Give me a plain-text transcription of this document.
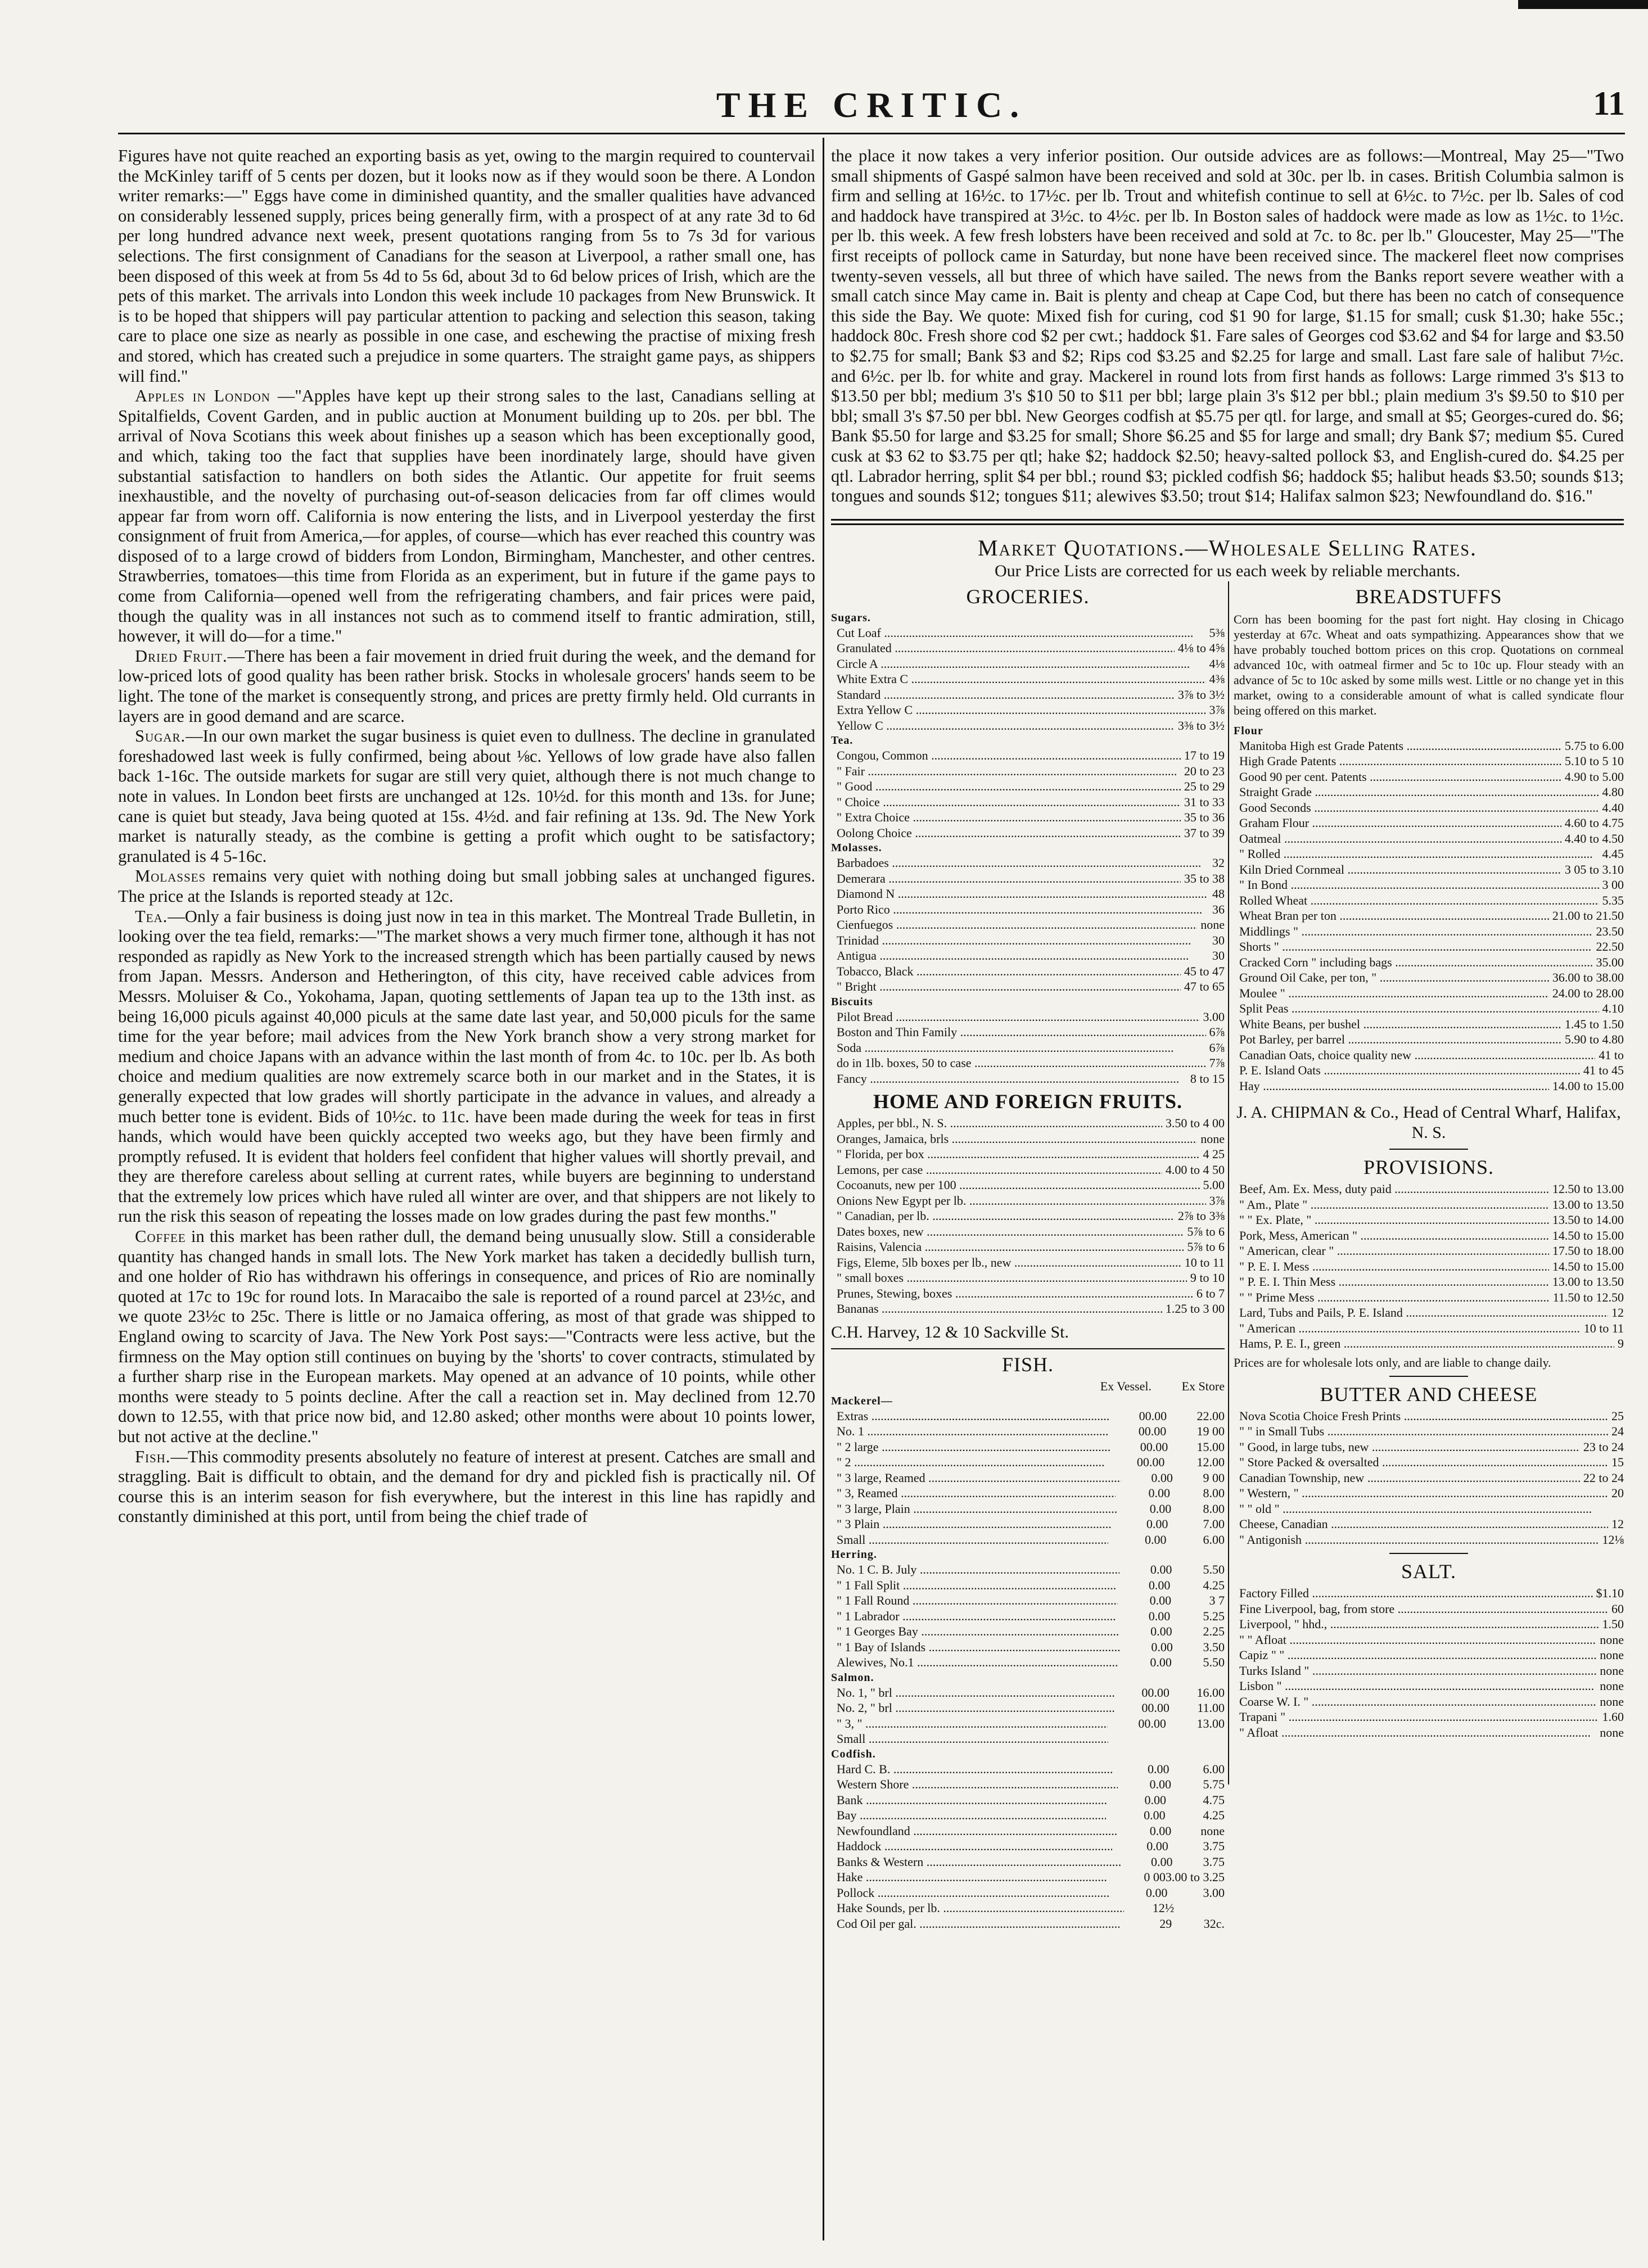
THE CRITIC.	11

Figures have not quite reached an exporting basis as yet, owing to the margin required to countervail the McKinley tariff of 5 cents per dozen, but it looks now as if they would soon be there. A London writer remarks:—" Eggs have come in diminished quantity, and the smaller qualities have advanced on considerably lessened supply, prices being generally firm, with a prospect of at any rate 3d to 6d per long hundred advance next week, present quotations ranging from 5s to 7s 3d for various selections. The first consignment of Canadians for the season at Liverpool, a rather small one, has been disposed of this week at from 5s 4d to 5s 6d, about 3d to 6d below prices of Irish, which are the pets of this market. The arrivals into London this week include 10 packages from New Brunswick. It is to be hoped that shippers will pay particular attention to packing and selection this season, taking care to place one size as nearly as possible in one case, and eschewing the practise of mixing fresh and stored, which has created such a prejudice in some quarters. The straight game pays, as shippers will find."

Apples in London —"Apples have kept up their strong sales to the last, Canadians selling at Spitalfields, Covent Garden, and in public auction at Monument building up to 20s. per bbl. The arrival of Nova Scotians this week about finishes up a season which has been exceptionally good, and which, taking too the fact that supplies have been inordinately large, should have given substantial satisfaction to handlers on both sides the Atlantic. Our appetite for fruit seems inexhaustible, and the novelty of purchasing out-of-season delicacies from far off climes would appear far from worn off. California is now entering the lists, and in Liverpool yesterday the first consignment of fruit from America,—for apples, of course—which has ever reached this country was disposed of to a large crowd of bidders from London, Birmingham, Manchester, and other centres. Strawberries, tomatoes—this time from Florida as an experiment, but in future if the game pays to come from California—opened well from the refrigerating chambers, and fair prices were paid, though the quality was in all instances not such as to commend itself to frantic admiration, still, however, it will do—for a time."

Dried Fruit.—There has been a fair movement in dried fruit during the week, and the demand for low-priced lots of good quality has been rather brisk. Stocks in wholesale grocers' hands seem to be light. The tone of the market is consequently strong, and prices are pretty firmly held. Old currants in layers are in good demand and are scarce.

Sugar.—In our own market the sugar business is quiet even to dullness. The decline in granulated foreshadowed last week is fully confirmed, being about ⅛c. Yellows of low grade have also fallen back 1-16c. The outside markets for sugar are still very quiet, although there is not much change to note in values. In London beet firsts are unchanged at 12s. 10½d. for this month and 13s. for June; cane is quiet but steady, Java being quoted at 15s. 4½d. and fair refining at 13s. 9d. The New York market is naturally steady, as the combine is getting a profit which ought to be satisfactory; granulated is 4 5-16c.

Molasses remains very quiet with nothing doing but small jobbing sales at unchanged figures. The price at the Islands is reported steady at 12c.

Tea.—Only a fair business is doing just now in tea in this market. The Montreal Trade Bulletin, in looking over the tea field, remarks:—"The market shows a very much firmer tone, although it has not responded as rapidly as New York to the increased strength which has been partially caused by news from Japan. Messrs. Anderson and Hetherington, of this city, have received cable advices from Messrs. Moluiser & Co., Yokohama, Japan, quoting settlements of Japan tea up to the 13th inst. as being 16,000 piculs against 40,000 piculs at the same date last year, and 50,000 piculs for the same time for the year before; mail advices from the New York branch show a very strong market for medium and choice Japans with an advance within the last month of from 4c. to 10c. per lb. As both choice and medium qualities are now extremely scarce both in our market and in the States, it is generally expected that low grades will shortly participate in the advance in values, and already a much better tone is evident. Bids of 10½c. to 11c. have been made during the week for teas in first hands, which would have been quickly accepted two weeks ago, but they have been firmly and promptly refused. It is evident that holders feel confident that higher values will shortly prevail, and they are therefore careless about selling at current rates, while buyers are beginning to understand that the extremely low prices which have ruled all winter are over, and that shippers are not likely to run the risk this season of repeating the losses made on low grades during the past few months."

Coffee in this market has been rather dull, the demand being unusually slow. Still a considerable quantity has changed hands in small lots. The New York market has taken a decidedly bullish turn, and one holder of Rio has withdrawn his offerings in consequence, and prices of Rio are nominally quoted at 17c to 19c for round lots. In Maracaibo the sale is reported of a round parcel at 23½c, and we quote 23½c to 25c. There is little or no Jamaica offering, as most of that grade was shipped to England owing to scarcity of Java. The New York Post says:—"Contracts were less active, but the firmness on the May option still continues on buying by the 'shorts' to cover contracts, stimulated by a further sharp rise in the European markets. May opened at an advance of 10 points, while other months were steady to 5 points decline. After the call a reaction set in. May declined from 12.70 down to 12.55, with that price now bid, and 12.80 asked; other months were about 10 points lower, but not active at the decline."

Fish.—This commodity presents absolutely no feature of interest at present. Catches are small and straggling. Bait is difficult to obtain, and the demand for dry and pickled fish is practically nil. Of course this is an interim season for fish everywhere, but the interest in this line has rapidly and constantly diminished at this port, until from being the chief trade of

the place it now takes a very inferior position. Our outside advices are as follows:—Montreal, May 25—"Two small shipments of Gaspé salmon have been received and sold at 30c. per lb. in cases. British Columbia salmon is firm and selling at 16½c. to 17½c. per lb. Trout and whitefish continue to sell at 6½c. to 7½c. per lb. Sales of cod and haddock have transpired at 3½c. to 4½c. per lb. In Boston sales of haddock were made as low as 1½c. to 1½c. per lb. this week. A few fresh lobsters have been received and sold at 7c. to 8c. per lb." Gloucester, May 25—"The first receipts of pollock came in Saturday, but none have been received since. The mackerel fleet now comprises twenty-seven vessels, all but three of which have sailed. The news from the Banks report severe weather with a small catch since May came in. Bait is plenty and cheap at Cape Cod, but there has been no catch of consequence this side the Bay. We quote: Mixed fish for curing, cod $1 90 for large, $1.15 for small; cusk $1.30; hake 55c.; haddock 80c. Fresh shore cod $2 per cwt.; haddock $1. Fare sales of Georges cod $3.62 and $4 for large and $3.50 to $2.75 for small; Bank $3 and $2; Rips cod $3.25 and $2.25 for large and small. Last fare sale of halibut 7½c. and 6½c. per lb. for white and gray. Mackerel in round lots from first hands as follows: Large rimmed 3's $13 to $13.50 per bbl; medium 3's $10 50 to $11 per bbl; large plain 3's $12 per bbl.; plain medium 3's $9.50 to $10 per bbl; small 3's $7.50 per bbl. New Georges codfish at $5.75 per qtl. for large, and small at $5; Georges-cured do. $6; Bank $5.50 for large and $3.25 for small; Shore $6.25 and $5 for large and small; dry Bank $7; medium $5. Cured cusk at $3 62 to $3.75 per qtl; hake $2; haddock $2.50; heavy-salted pollock $3, and English-cured do. $4.25 per qtl. Labrador herring, split $4 per bbl.; round $3; pickled codfish $6; haddock $5; halibut heads $3.50; sounds $13; tongues and sounds $12; tongues $11; alewives $3.50; trout $14; Halifax salmon $23; Newfoundland do. $16."

Market Quotations.—Wholesale Selling Rates.
Our Price Lists are corrected for us each week by reliable merchants.
GROCERIES.
Sugars.
Cut Loaf .....	5⅜
Granulated .....	4⅛ to 4⅝
Circle A .....	4⅛
White Extra C .....	4⅜
Standard .....	3⅞ to 3½
Extra Yellow C .....	3⅞
Yellow C .....	3⅜ to 3½
Tea.
Congou, Common .....	17 to 19
" Fair .....	20 to 23
" Good .....	25 to 29
" Choice .....	31 to 33
" Extra Choice .....	35 to 36
Oolong Choice .....	37 to 39
Molasses.
Barbadoes .....	32
Demerara .....	35 to 38
Diamond N .....	48
Porto Rico .....	36
Cienfuegos .....	none
Trinidad .....	30
Antigua .....	30
Tobacco, Black .....	45 to 47
" Bright .....	47 to 65
Biscuits
Pilot Bread .....	3.00
Boston and Thin Family .....	6⅞
Soda .....	6⅞
do in 1lb. boxes, 50 to case .....	7⅞
Fancy .....	8 to 15
HOME AND FOREIGN FRUITS.
Apples, per bbl., N. S. .....	3.50 to 4 00
Oranges, Jamaica, brls .....	none
" Florida, per box .....	4 25
Lemons, per case .....	4.00 to 4 50
Cocoanuts, new per 100 .....	5.00
Onions New Egypt per lb. .....	3⅞
" Canadian, per lb. .....	2⅞ to 3⅜
Dates boxes, new .....	5⅞ to 6
Raisins, Valencia .....	5⅞ to 6
Figs, Eleme, 5lb boxes per lb., new .....	10 to 11
" small boxes .....	9 to 10
Prunes, Stewing, boxes .....	6 to 7
Bananas .....	1.25 to 3 00
C.H. Harvey, 12 & 10 Sackville St.
FISH.
Ex Vessel.	Ex Store
Mackerel—
Extras .....	00.00	22.00
No. 1 .....	00.00	19 00
" 2 large .....	00.00	15.00
" 2 .....	00.00	12.00
" 3 large, Reamed .....	0.00	9 00
" 3, Reamed .....	0.00	8.00
" 3 large, Plain .....	0.00	8.00
" 3 Plain .....	0.00	7.00
Small .....	0.00	6.00
Herring.
No. 1 C. B. July .....	0.00	5.50
" 1 Fall Split .....	0.00	4.25
" 1 Fall Round .....	0.00	3 7
" 1 Labrador .....	0.00	5.25
" 1 Georges Bay .....	0.00	2.25
" 1 Bay of Islands .....	0.00	3.50
Alewives, No.1 .....	0.00	5.50
Salmon.
No. 1, " brl .....	00.00	16.00
No. 2, " brl .....	00.00	11.00
" 3, " .....	00.00	13.00
Small .....
Codfish.
Hard C. B. .....	0.00	6.00
Western Shore .....	0.00	5.75
Bank .....	0.00	4.75
Bay .....	0.00	4.25
Newfoundland .....	0.00	none
Haddock .....	0.00	3.75
Banks & Western .....	0.00	3.75
Hake .....	0 00 3.00 to 3.25
Pollock .....	0.00	3.00
Hake Sounds, per lb. .....	12½
Cod Oil per gal. .....	29	32c.
BREADSTUFFS
Corn has been booming for the past fort night. Hay closing in Chicago yesterday at 67c. Wheat and oats sympathizing. Appearances show that we have probably touched bottom prices on this crop. Quotations on cornmeal advanced 10c, with oatmeal firmer and 5c to 10c up. Flour steady with an advance of 5c to 10c asked by some mills west. Little or no change yet in this market, owing to a considerable amount of what is called syndicate flour being offered on this market.
Flour
Manitoba High est Grade Patents .....	5.75 to 6.00
High Grade Patents .....	5.10 to 5 10
Good 90 per cent. Patents .....	4.90 to 5.00
Straight Grade .....	4.80
Good Seconds .....	4.40
Graham Flour .....	4.60 to 4.75
Oatmeal .....	4.40 to 4.50
" Rolled .....	4.45
Kiln Dried Cornmeal .....	3 05 to 3.10
" In Bond .....	3 00
Rolled Wheat .....	5.35
Wheat Bran per ton .....	21.00 to 21.50
Middlings " .....	23.50
Shorts " .....	22.50
Cracked Corn " including bags .....	35.00
Ground Oil Cake, per ton, " .....	36.00 to 38.00
Moulee " .....	24.00 to 28.00
Split Peas .....	4.10
White Beans, per bushel .....	1.45 to 1.50
Pot Barley, per barrel .....	5.90 to 4.80
Canadian Oats, choice quality new .....	41 to
P. E. Island Oats .....	41 to 45
Hay .....	14.00 to 15.00
J. A. CHIPMAN & Co., Head of Central Wharf, Halifax, N. S.
PROVISIONS.
Beef, Am. Ex. Mess, duty paid .....	12.50 to 13.00
" Am., Plate " .....	13.00 to 13.50
" " Ex. Plate, " .....	13.50 to 14.00
Pork, Mess, American " .....	14.50 to 15.00
" American, clear " .....	17.50 to 18.00
" P. E. I. Mess .....	14.50 to 15.00
" P. E. I. Thin Mess .....	13.00 to 13.50
" " Prime Mess .....	11.50 to 12.50
Lard, Tubs and Pails, P. E. Island .....	12
" American .....	10 to 11
Hams, P. E. I., green .....	9
Prices are for wholesale lots only, and are liable to change daily.
BUTTER AND CHEESE
Nova Scotia Choice Fresh Prints .....	25
" " in Small Tubs .....	24
" Good, in large tubs, new .....	23 to 24
" Store Packed & oversalted .....	15
Canadian Township, new .....	22 to 24
" Western, " .....	20
" " old " .....
Cheese, Canadian .....	12
" Antigonish .....	12⅛
SALT.
Factory Filled .....	$1.10
Fine Liverpool, bag, from store .....	60
Liverpool, " hhd., .....	1.50
" " Afloat .....	none
Capiz " " .....	none
Turks Island " .....	none
Lisbon " .....	none
Coarse W. I. " .....	none
Trapani " .....	1.60
" Afloat .....	none
